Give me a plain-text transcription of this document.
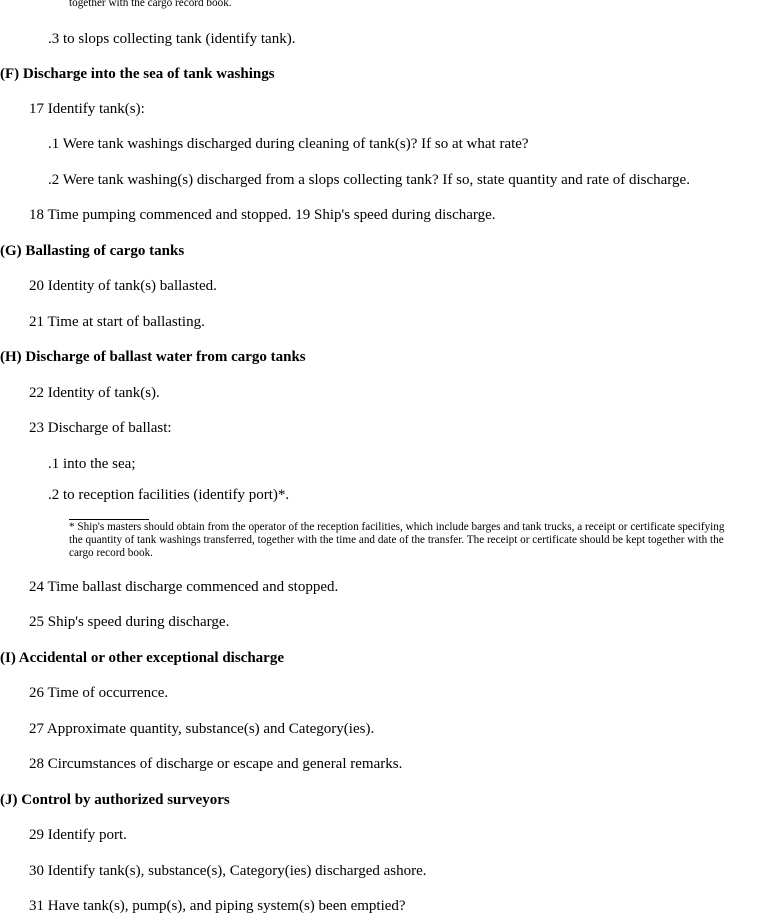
together with the cargo record book.
.3 to slops collecting tank (identify tank).
(F) Discharge into the sea of tank washings
17 Identify tank(s):
.1 Were tank washings discharged during cleaning of tank(s)? If so at what rate?
.2 Were tank washing(s) discharged from a slops collecting tank? If so, state quantity and rate of discharge.
18 Time pumping commenced and stopped. 19 Ship's speed during discharge.
(G) Ballasting of cargo tanks
20 Identity of tank(s) ballasted.
21 Time at start of ballasting.
(H) Discharge of ballast water from cargo tanks
22 Identity of tank(s).
23 Discharge of ballast:
.1 into the sea;
.2 to reception facilities (identify port)*.
* Ship's masters should obtain from the operator of the reception facilities, which include barges and tank trucks, a receipt or certificate specifying the quantity of tank washings transferred, together with the time and date of the transfer. The receipt or certificate should be kept together with the cargo record book.
24 Time ballast discharge commenced and stopped.
25 Ship's speed during discharge.
(I) Accidental or other exceptional discharge
26 Time of occurrence.
27 Approximate quantity, substance(s) and Category(ies).
28 Circumstances of discharge or escape and general remarks.
(J) Control by authorized surveyors
29 Identify port.
30 Identify tank(s), substance(s), Category(ies) discharged ashore.
31 Have tank(s), pump(s), and piping system(s) been emptied?
